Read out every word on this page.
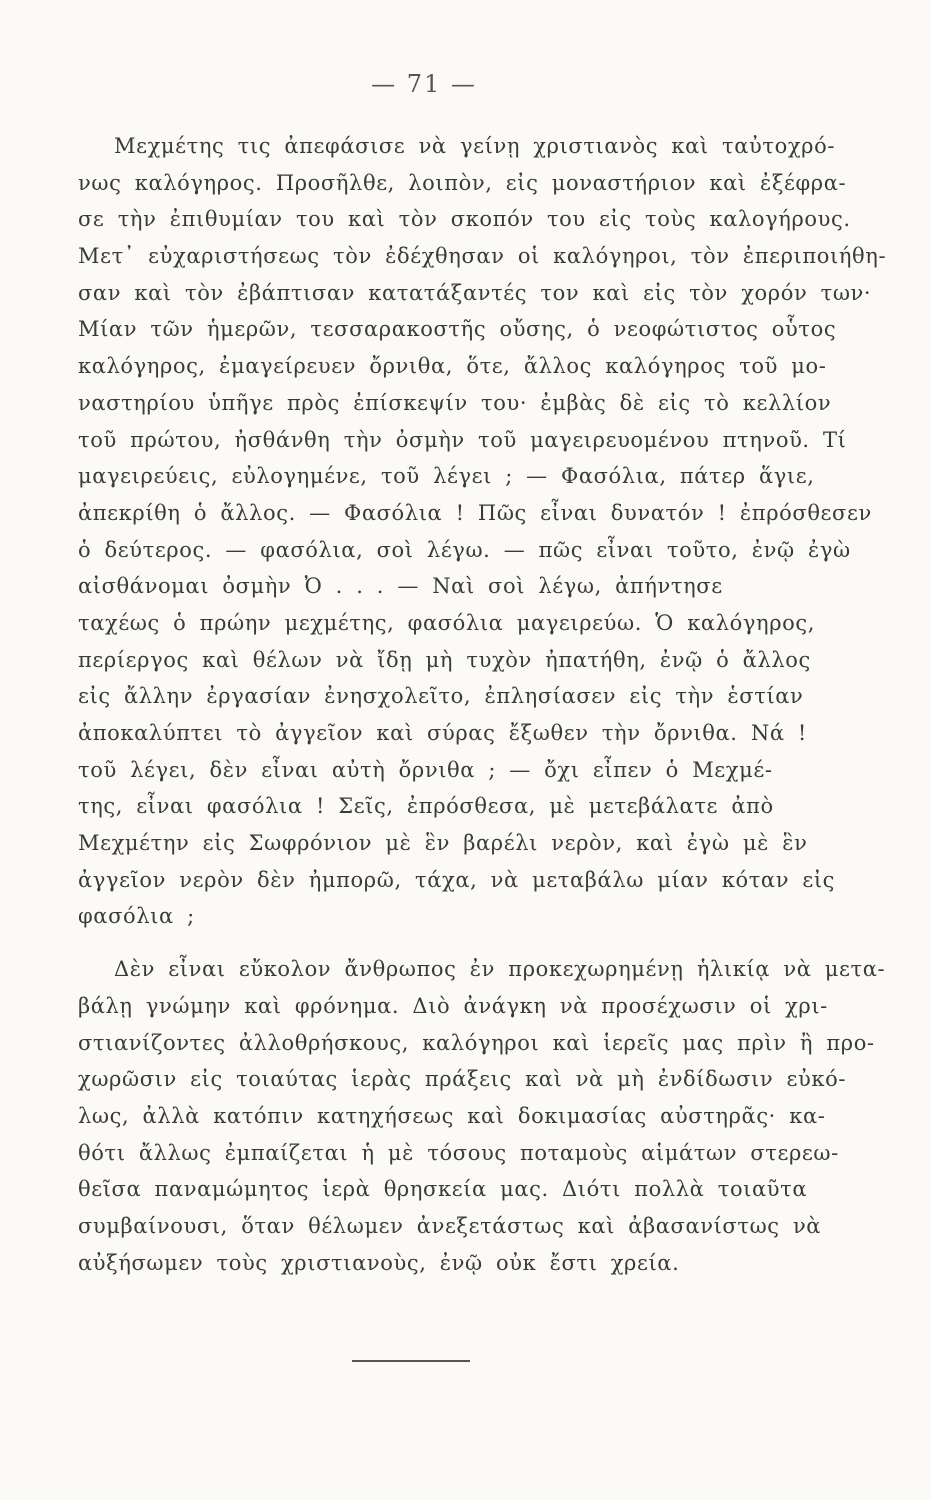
— 71 —
Μεχμέτης τις ἀπεφάσισε νὰ γείνῃ χριστιανὸς καὶ ταὐτοχρό-
νως καλόγηρος. Προσῆλθε, λοιπὸν, εἰς μοναστήριον καὶ ἐξέφρα-
σε τὴν ἐπιθυμίαν του καὶ τὸν σκοπόν του εἰς τοὺς καλογήρους.
Μετ᾽ εὐχαριστήσεως τὸν ἐδέχθησαν οἱ καλόγηροι, τὸν ἐπεριποιήθη-
σαν καὶ τὸν ἐβάπτισαν κατατάξαντές τον καὶ εἰς τὸν χορόν των·
Μίαν τῶν ἡμερῶν, τεσσαρακοστῆς οὔσης, ὁ νεοφώτιστος οὗτος
καλόγηρος, ἐμαγείρευεν ὄρνιθα, ὅτε, ἄλλος καλόγηρος τοῦ μο-
ναστηρίου ὑπῆγε πρὸς ἐπίσκεψίν του· ἐμβὰς δὲ εἰς τὸ κελλίον
τοῦ πρώτου, ἠσθάνθη τὴν ὀσμὴν τοῦ μαγειρευομένου πτηνοῦ. Τί
μαγειρεύεις, εὐλογημένε, τοῦ λέγει ; — Φασόλια, πάτερ ἅγιε,
ἀπεκρίθη ὁ ἄλλος. — Φασόλια ! Πῶς εἶναι δυνατόν ! ἐπρόσθεσεν
ὁ δεύτερος. — φασόλια, σοὶ λέγω. — πῶς εἶναι τοῦτο, ἐνῷ ἐγὼ
αἰσθάνομαι ὀσμὴν Ὀ . . . — Ναὶ σοὶ λέγω, ἀπήντησε
ταχέως ὁ πρώην μεχμέτης, φασόλια μαγειρεύω. Ὁ καλόγηρος,
περίεργος καὶ θέλων νὰ ἴδῃ μὴ τυχὸν ἠπατήθη, ἐνῷ ὁ ἄλλος
εἰς ἄλλην ἐργασίαν ἐνησχολεῖτο, ἐπλησίασεν εἰς τὴν ἑστίαν
ἀποκαλύπτει τὸ ἀγγεῖον καὶ σύρας ἔξωθεν τὴν ὄρνιθα. Νά !
τοῦ λέγει, δὲν εἶναι αὐτὴ ὄρνιθα ; — ὄχι εἶπεν ὁ Μεχμέ-
της, εἶναι φασόλια ! Σεῖς, ἐπρόσθεσα, μὲ μετεβάλατε ἀπὸ
Μεχμέτην εἰς Σωφρόνιον μὲ ἓν βαρέλι νερὸν, καὶ ἐγὼ μὲ ἓν
ἀγγεῖον νερὸν δὲν ἠμπορῶ, τάχα, νὰ μεταβάλω μίαν κόταν εἰς
φασόλια ;
Δὲν εἶναι εὔκολον ἄνθρωπος ἐν προκεχωρημένῃ ἡλικίᾳ νὰ μετα-
βάλῃ γνώμην καὶ φρόνημα. Διὸ ἀνάγκη νὰ προσέχωσιν οἱ χρι-
στιανίζοντες ἀλλοθρήσκους, καλόγηροι καὶ ἱερεῖς μας πρὶν ἢ προ-
χωρῶσιν εἰς τοιαύτας ἱερὰς πράξεις καὶ νὰ μὴ ἐνδίδωσιν εὐκό-
λως, ἀλλὰ κατόπιν κατηχήσεως καὶ δοκιμασίας αὐστηρᾶς· κα-
θότι ἄλλως ἐμπαίζεται ἡ μὲ τόσους ποταμοὺς αἱμάτων στερεω-
θεῖσα παναμώμητος ἱερὰ θρησκεία μας. Διότι πολλὰ τοιαῦτα
συμβαίνουσι, ὅταν θέλωμεν ἀνεξετάστως καὶ ἀβασανίστως νὰ
αὐξήσωμεν τοὺς χριστιανοὺς, ἐνῷ οὐκ ἔστι χρεία.
